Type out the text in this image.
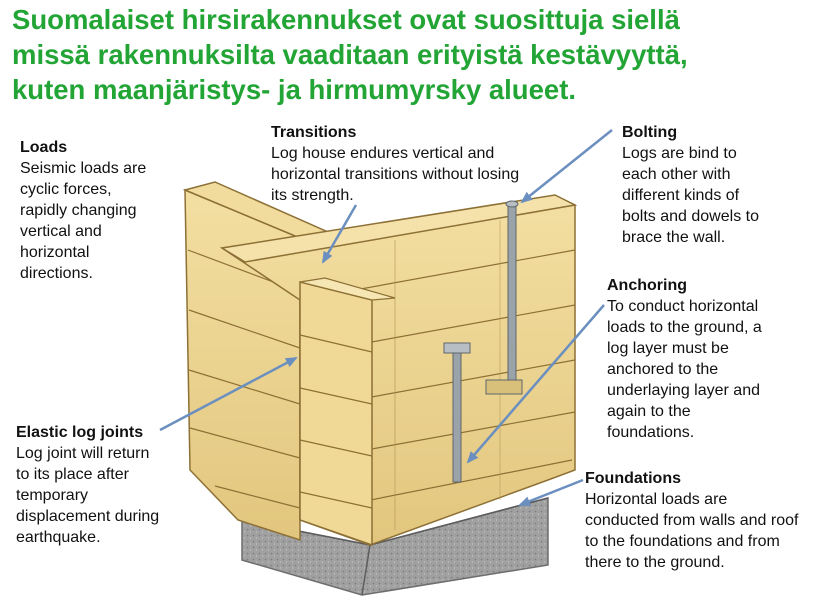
Suomalaiset hirsirakennukset ovat suosittuja siellä
missä rakennuksilta vaaditaan erityistä kestävyyttä,
kuten maanjäristys- ja hirmumyrsky alueet.
Loads
Seismic loads are
cyclic forces,
rapidly changing
vertical and
horizontal
directions.
Transitions
Log house endures vertical and
horizontal transitions without losing
its strength.
Bolting
Logs are bind to
each other with
different kinds of
bolts and dowels to
brace the wall.
Anchoring
To conduct horizontal
loads to the ground, a
log layer must be
anchored to the
underlaying layer and
again to the
foundations.
Elastic log joints
Log joint will return
to its place after
temporary
displacement during
earthquake.
Foundations
Horizontal loads are
conducted from walls and roof
to the foundations and from
there to the ground.
